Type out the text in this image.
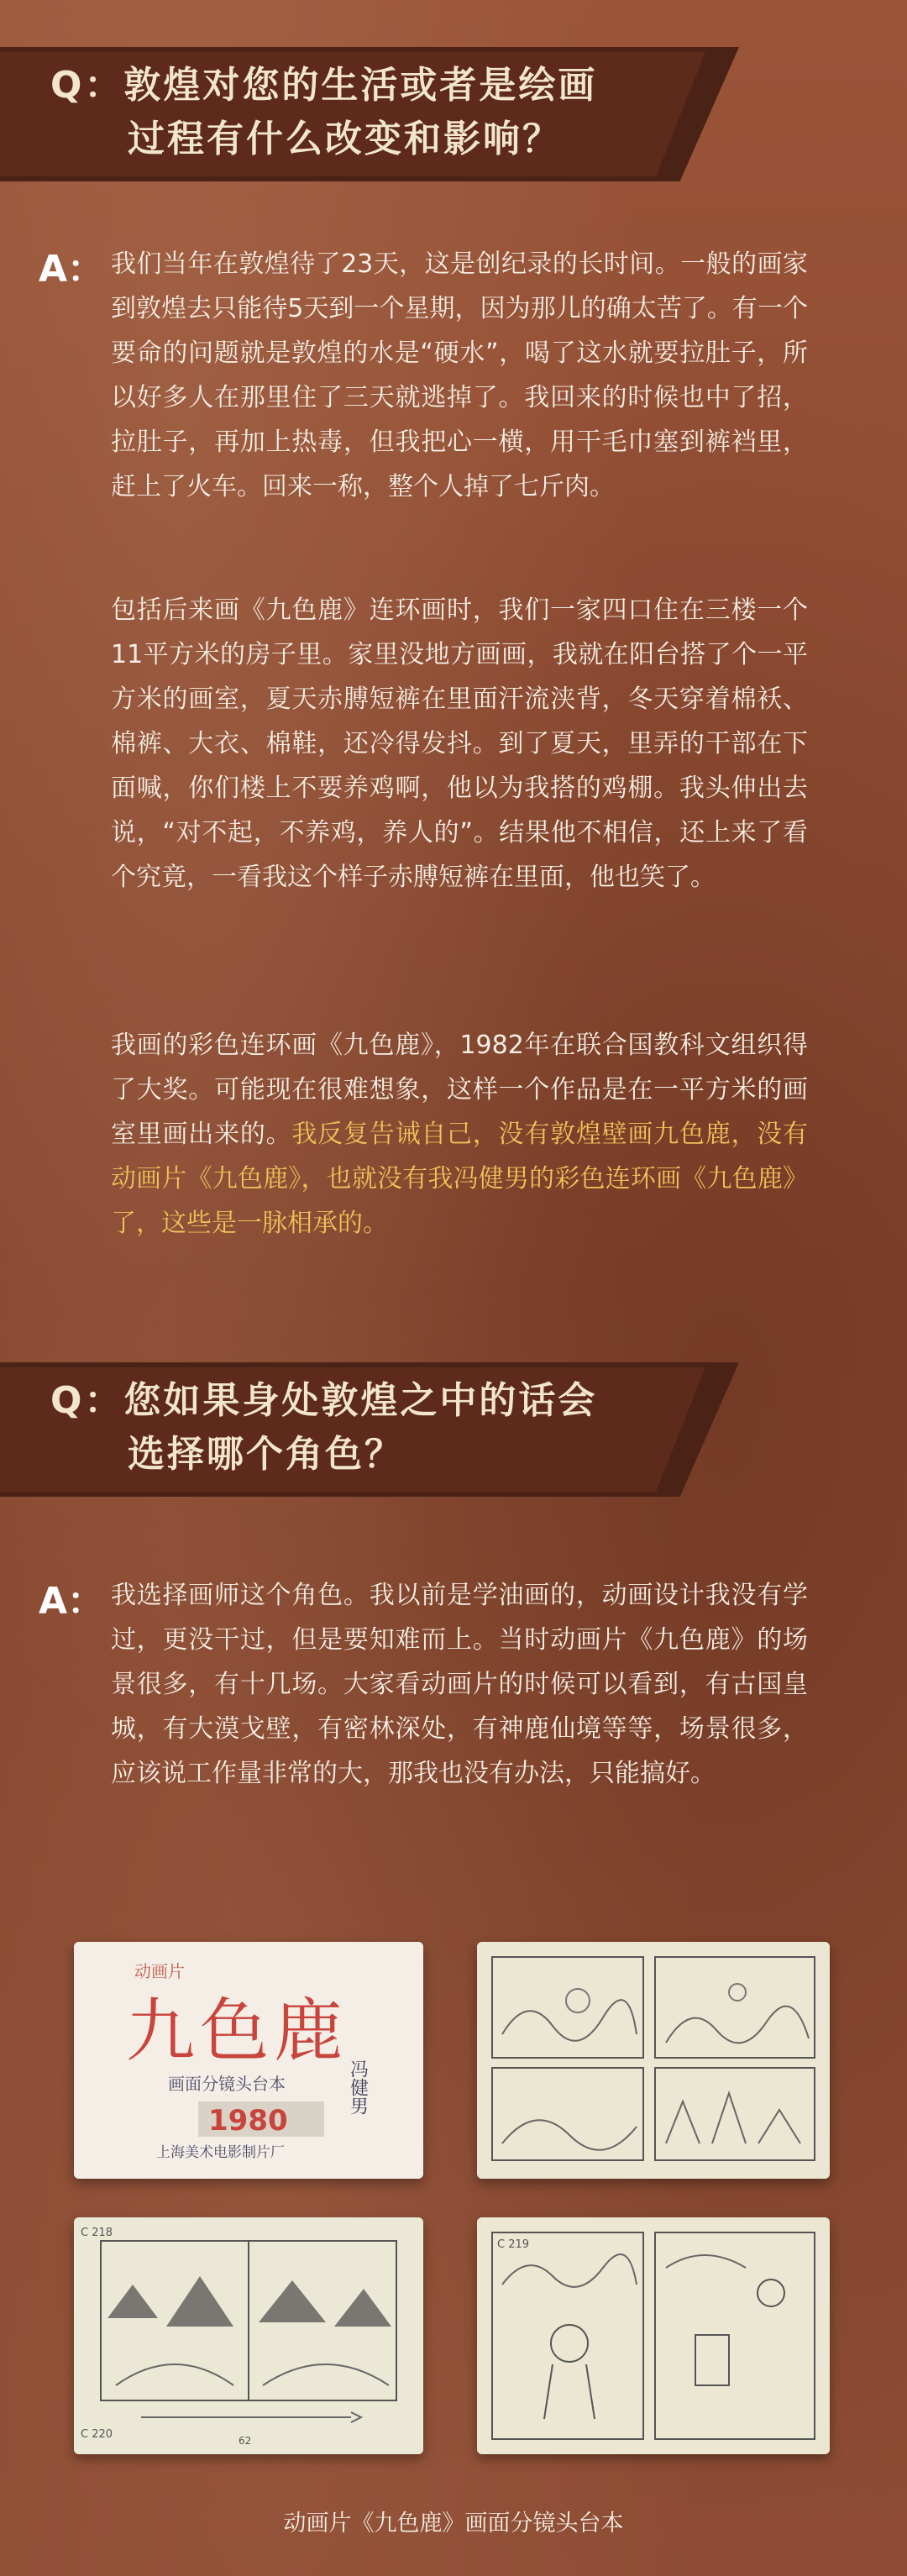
Q：敦煌对您的生活或者是绘画
过程有什么改变和影响？
A： 我们当年在敦煌待了23天，这是创纪录的长时间。一般的画家到敦煌去只能待5天到一个星期，因为那儿的确太苦了。有一个要命的问题就是敦煌的水是“硬水”，喝了这水就要拉肚子，所以好多人在那里住了三天就逃掉了。我回来的时候也中了招，拉肚子，再加上热毒，但我把心一横，用干毛巾塞到裤裆里，赶上了火车。回来一称，整个人掉了七斤肉。
包括后来画《九色鹿》连环画时，我们一家四口住在三楼一个11平方米的房子里。家里没地方画画，我就在阳台搭了个一平方米的画室，夏天赤膊短裤在里面汗流浃背，冬天穿着棉袄、棉裤、大衣、棉鞋，还冷得发抖。到了夏天，里弄的干部在下面喊，你们楼上不要养鸡啊，他以为我搭的鸡棚。我头伸出去说，“对不起，不养鸡，养人的”。结果他不相信，还上来了看个究竟，一看我这个样子赤膊短裤在里面，他也笑了。
我画的彩色连环画《九色鹿》，1982年在联合国教科文组织得了大奖。可能现在很难想象，这样一个作品是在一平方米的画室里画出来的。我反复告诫自己，没有敦煌壁画九色鹿，没有动画片《九色鹿》，也就没有我冯健男的彩色连环画《九色鹿》了，这些是一脉相承的。
Q：您如果身处敦煌之中的话会
选择哪个角色？
A： 我选择画师这个角色。我以前是学油画的，动画设计我没有学过，更没干过，但是要知难而上。当时动画片《九色鹿》的场景很多，有十几场。大家看动画片的时候可以看到，有古国皇城，有大漠戈壁，有密林深处，有神鹿仙境等等，场景很多，应该说工作量非常的大，那我也没有办法，只能搞好。
动画片
九色鹿
画面分镜头台本
1980
上海美术电影制片厂
冯健男
C 218
C 220	62
C 219
动画片《九色鹿》画面分镜头台本
